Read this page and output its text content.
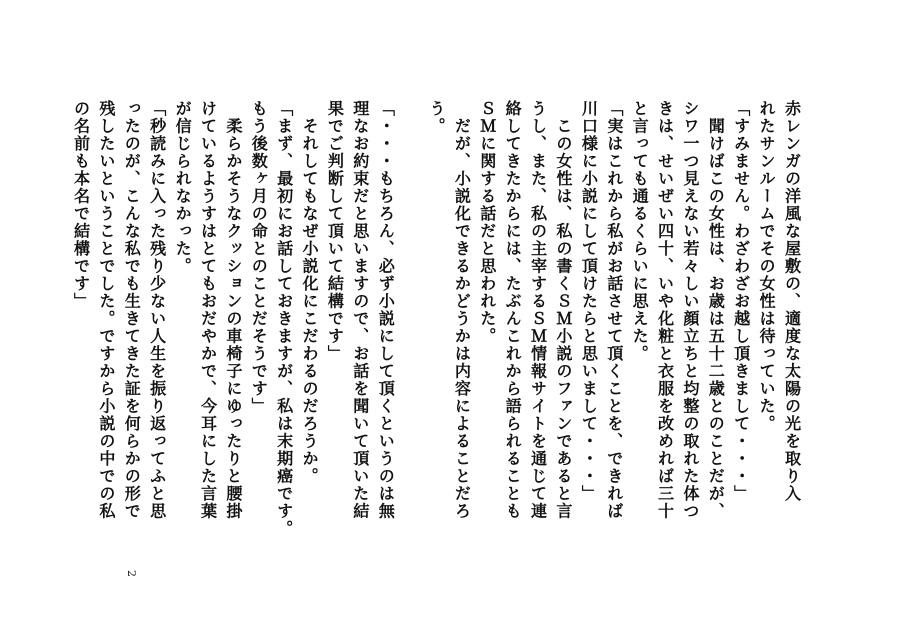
赤レンガの洋風な屋敷の、適度な太陽の光を取り入
れたサンルームでその女性は待っていた。
「すみません。わざわざお越し頂きまして・・・」
　聞けばこの女性は、お歳は五十二歳とのことだが、
シワ一つ見えない若々しい顔立ちと均整の取れた体つ
きは、せいぜい四十、いや化粧と衣服を改めれば三十
と言っても通るくらいに思えた。
「実はこれから私がお話させて頂くことを、できれば
川口様に小説にして頂けたらと思いまして・・・」
　この女性は、私の書くＳＭ小説のファンであると言
うし、また、私の主宰するＳＭ情報サイトを通じて連
絡してきたからには、たぶんこれから語られることも
ＳＭに関する話だと思われた。
　だが、小説化できるかどうかは内容によることだろ
う。
「・・・もちろん、必ず小説にして頂くというのは無
理なお約束だと思いますので、お話を聞いて頂いた結
果でご判断して頂いて結構です」
　それしてもなぜ小説化にこだわるのだろうか。
「まず、最初にお話しておきますが、私は末期癌です。
もう後数ヶ月の命とのことだそうです」
　柔らかそうなクッションの車椅子にゆったりと腰掛
けているようすはとてもおだやかで、今耳にした言葉
が信じられなかった。
「秒読みに入った残り少ない人生を振り返ってふと思
ったのが、こんな私でも生きてきた証を何らかの形で
残したいということでした。ですから小説の中での私
の名前も本名で結構です」
2
